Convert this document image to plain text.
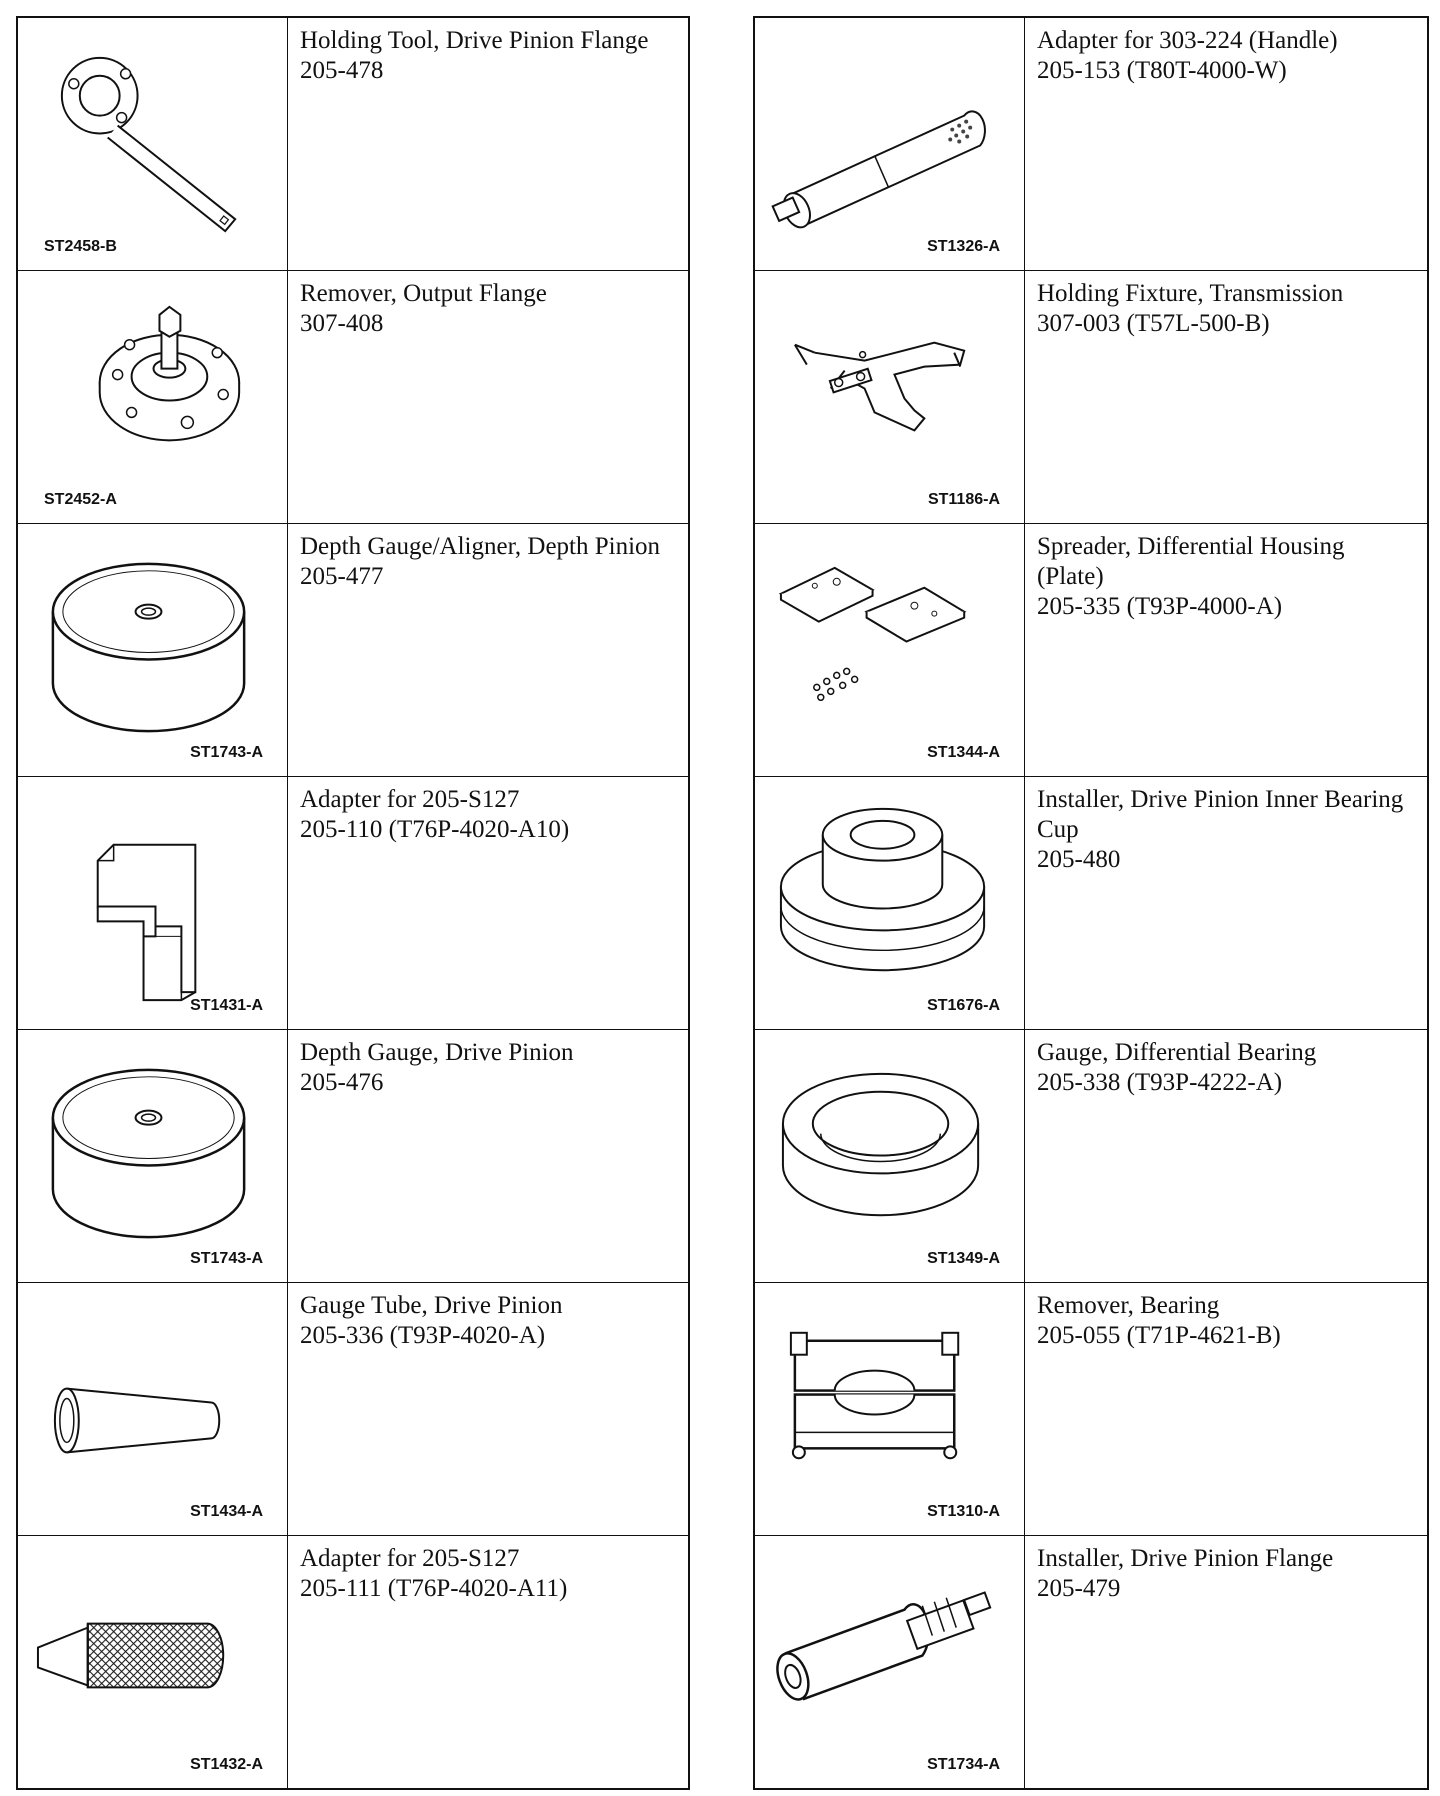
ST2458-B
Holding Tool, Drive Pinion Flange
205-478
ST2452-A
Remover, Output Flange
307-408
ST1743-A
Depth Gauge/Aligner, Depth Pinion
205-477
ST1431-A
Adapter for 205-S127
205-110 (T76P-4020-A10)
ST1743-A
Depth Gauge, Drive Pinion
205-476
ST1434-A
Gauge Tube, Drive Pinion
205-336 (T93P-4020-A)
ST1432-A
Adapter for 205-S127
205-111 (T76P-4020-A11)
ST1326-A
Adapter for 303-224 (Handle)
205-153 (T80T-4000-W)
ST1186-A
Holding Fixture, Transmission
307-003 (T57L-500-B)
ST1344-A
Spreader, Differential Housing (Plate)
205-335 (T93P-4000-A)
ST1676-A
Installer, Drive Pinion Inner Bearing Cup
205-480
ST1349-A
Gauge, Differential Bearing
205-338 (T93P-4222-A)
ST1310-A
Remover, Bearing
205-055 (T71P-4621-B)
ST1734-A
Installer, Drive Pinion Flange
205-479
